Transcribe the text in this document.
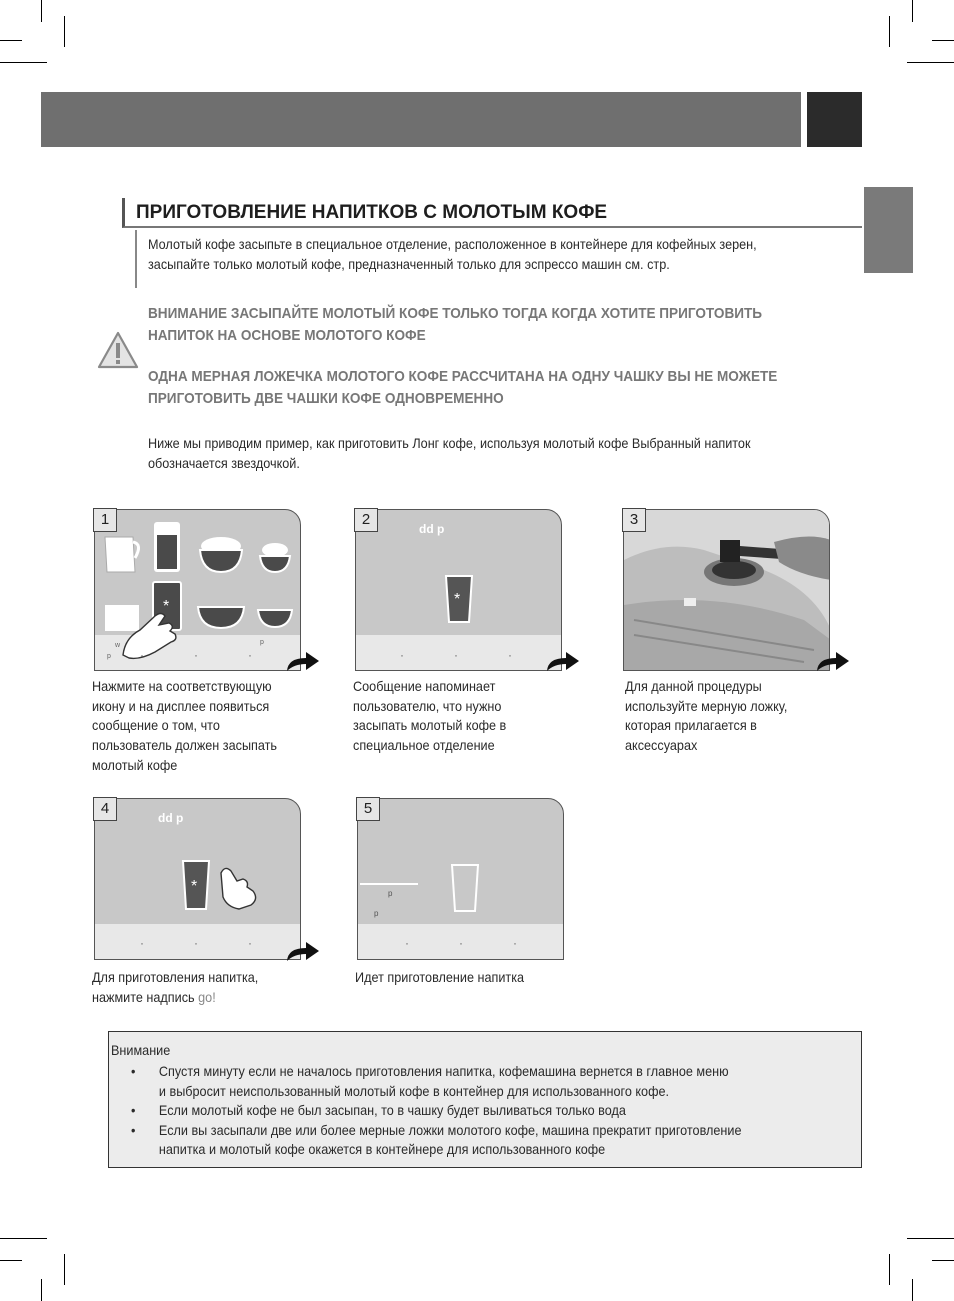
ПРИГОТОВЛЕНИЕ НАПИТКОВ С МОЛОТЫМ КОФЕ
Молотый кофе засыпьте в специальное отделение, расположенное в контейнере для кофейных зерен,
засыпайте только молотый кофе, предназначенный только для эспрессо машин см. стр.
ВНИМАНИЕ ЗАСЫПАЙТЕ МОЛОТЫЙ КОФЕ ТОЛЬКО ТОГДА КОГДА ХОТИТЕ ПРИГОТОВИТЬ
НАПИТОК НА ОСНОВЕ МОЛОТОГО КОФЕ
ОДНА МЕРНАЯ ЛОЖЕЧКА МОЛОТОГО КОФЕ РАССЧИТАНА НА ОДНУ ЧАШКУ ВЫ НЕ МОЖЕТЕ
ПРИГОТОВИТЬ ДВЕ ЧАШКИ КОФЕ ОДНОВРЕМЕННО
Ниже мы приводим пример, как приготовить Лонг кофе, используя молотый кофе Выбранный напиток
обозначается звездочкой.
*
w
p
p
1
Нажмите на соответствующую
икону и на дисплее появиться
сообщение о том, что
пользователь должен засыпать
молотый кофе
dd p
*
2
Сообщение напоминает
пользователю, что нужно
засыпать молотый кофе в
специальное отделение
3
Для данной процедуры
используйте мерную ложку,
которая прилагается в
аксессуарах
dd p
*
4
Для приготовления напитка,
нажмите надпись go!
p
p
5
Идет приготовление напитка
Внимание
• Спустя минуту если не началось приготовления напитка, кофемашина вернется в главное меню
и выбросит неиспользованный молотый кофе в контейнер для использованного кофе.
• Если молотый кофе не был засыпан, то в чашку будет выливаться только вода
• Если вы засыпали две или более мерные ложки молотого кофе, машина прекратит приготовление
напитка и молотый кофе окажется в контейнере для использованного кофе
·               ·               ·	·               ·               ·
·               ·               ·	·               ·               ·
